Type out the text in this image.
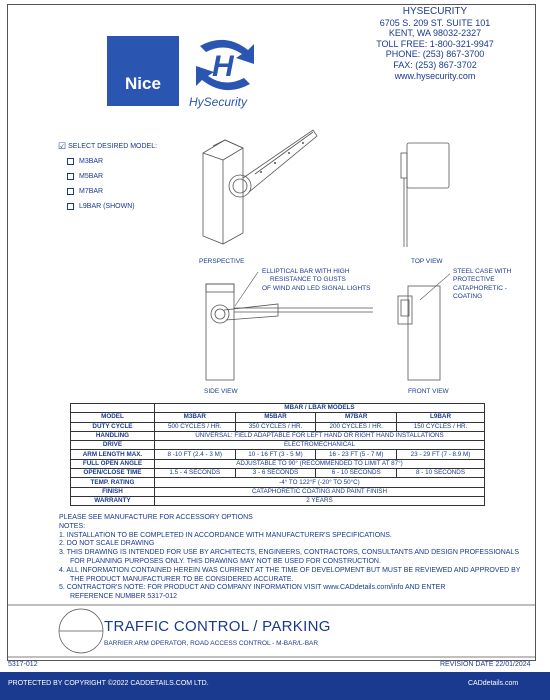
Nice
H
HySecurity
HYSECURITY
6705 S. 209 ST. SUITE 101
KENT, WA 98032-2327
TOLL FREE: 1-800-321-9947
PHONE: (253) 867-3700
FAX: (253) 867-3702
www.hysecurity.com
☑ SELECT DESIRED MODEL:
M3BAR
M5BAR
M7BAR
L9BAR (SHOWN)
PERSPECTIVE	TOP VIEW
SIDE VIEW	FRONT VIEW
ELLIPTICAL BAR WITH HIGH
RESISTANCE TO GUSTS
OF WIND AND LED SIGNAL LIGHTS
STEEL CASE WITH
PROTECTIVE
CATAPHORETIC -
COATING
	MBAR / LBAR MODELS			
MODEL	M3BAR	M5BAR	M7BAR	L9BAR
DUTY CYCLE	500 CYCLES / HR.	350 CYCLES / HR.	200 CYCLES / HR.	150 CYCLES / HR.
HANDLING	UNIVERSAL: FIELD ADAPTABLE FOR LEFT HAND OR RIGHT HAND INSTALLATIONS			
DRIVE	ELECTROMECHANICAL			
ARM LENGTH MAX.	8 -10 FT (2.4 - 3 M)	10 - 16 FT (3 - 5 M)	16 - 23 FT (5 - 7 M)	23 - 29 FT (7 - 8.9 M)
FULL OPEN ANGLE	ADJUSTABLE TO 90° (RECOMMENDED TO LIMIT AT 87°)			
OPEN/CLOSE TIME	1.5 - 4 SECONDS	3 - 6 SECONDS	6 - 10 SECONDS	8 - 10 SECONDS
TEMP. RATING	-4° TO 122°F (-20° TO 50°C)			
FINISH	CATAPHORETIC COATING AND PAINT FINISH			
WARRANTY	2 YEARS			
PLEASE SEE MANUFACTURE FOR ACCESSORY OPTIONS
NOTES:
1. INSTALLATION TO BE COMPLETED IN ACCORDANCE WITH MANUFACTURER'S SPECIFICATIONS.
2. DO NOT SCALE DRAWING
3. THIS DRAWING IS INTENDED FOR USE BY ARCHITECTS, ENGINEERS, CONTRACTORS, CONSULTANTS AND DESIGN PROFESSIONALS
FOR PLANNING PURPOSES ONLY. THIS DRAWING MAY NOT BE USED FOR CONSTRUCTION.
4. ALL INFORMATION CONTAINED HEREIN WAS CURRENT AT THE TIME OF DEVELOPMENT BUT MUST BE REVIEWED AND APPROVED BY
THE PRODUCT MANUFACTURER TO BE CONSIDERED ACCURATE.
5. CONTRACTOR'S NOTE: FOR PRODUCT AND COMPANY INFORMATION VISIT www.CADdetails.com/info AND ENTER
REFERENCE NUMBER 5317-012
TRAFFIC CONTROL / PARKING
BARRIER ARM OPERATOR, ROAD ACCESS CONTROL - M-BAR/L-BAR
5317-012	REVISION DATE 22/01/2024
PROTECTED BY COPYRIGHT ©2022 CADDETAILS.COM LTD.	CADdetails.com
